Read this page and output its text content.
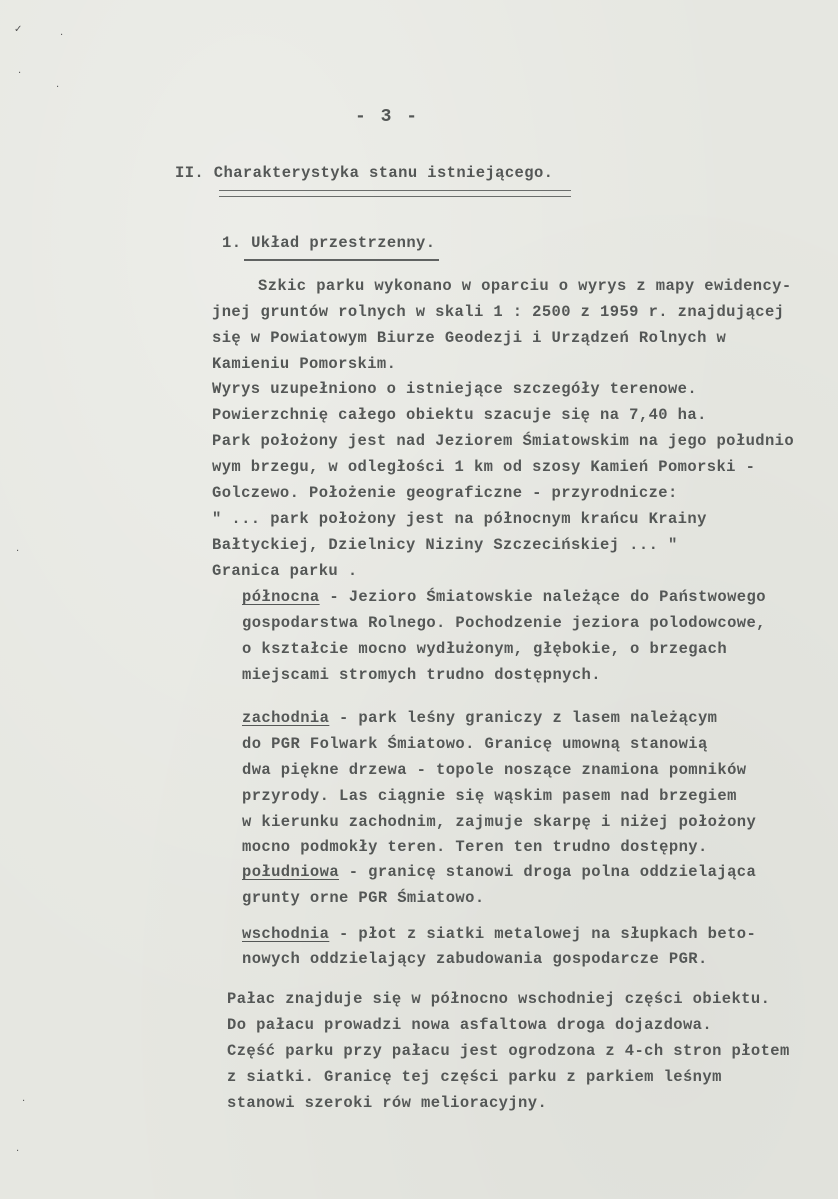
✓
·
·
·
·
·
·
- 3 -
II. Charakterystyka stanu istniejącego.
1. Układ przestrzenny.
Szkic parku wykonano w oparciu o wyrys z mapy ewidency-
jnej gruntów rolnych w skali 1 : 2500 z 1959 r. znajdującej
się w Powiatowym Biurze Geodezji i Urządzeń Rolnych w
Kamieniu Pomorskim.
Wyrys uzupełniono o istniejące szczegóły terenowe.
Powierzchnię całego obiektu szacuje się na 7,40 ha.
Park położony jest nad Jeziorem Śmiatowskim na jego południo
wym brzegu, w odległości 1 km od szosy Kamień Pomorski -
Golczewo. Położenie geograficzne - przyrodnicze:
" ... park położony jest na północnym krańcu Krainy
Bałtyckiej, Dzielnicy Niziny Szczecińskiej ... "
Granica parku .
północna - Jezioro Śmiatowskie należące do Państwowego
gospodarstwa Rolnego. Pochodzenie jeziora polodowcowe,
o kształcie mocno wydłużonym, głębokie, o brzegach
miejscami stromych trudno dostępnych.
zachodnia - park leśny graniczy z lasem należącym
do PGR Folwark Śmiatowo. Granicę umowną stanowią
dwa piękne drzewa - topole noszące znamiona pomników
przyrody. Las ciągnie się wąskim pasem nad brzegiem
w kierunku zachodnim, zajmuje skarpę i niżej położony
mocno podmokły teren. Teren ten trudno dostępny.
południowa - granicę stanowi droga polna oddzielająca
grunty orne PGR Śmiatowo.
wschodnia - płot z siatki metalowej na słupkach beto-
nowych oddzielający zabudowania gospodarcze PGR.
Pałac znajduje się w północno wschodniej części obiektu.
Do pałacu prowadzi nowa asfaltowa droga dojazdowa.
Część parku przy pałacu jest ogrodzona z 4-ch stron płotem
z siatki. Granicę tej części parku z parkiem leśnym
stanowi szeroki rów melioracyjny.
